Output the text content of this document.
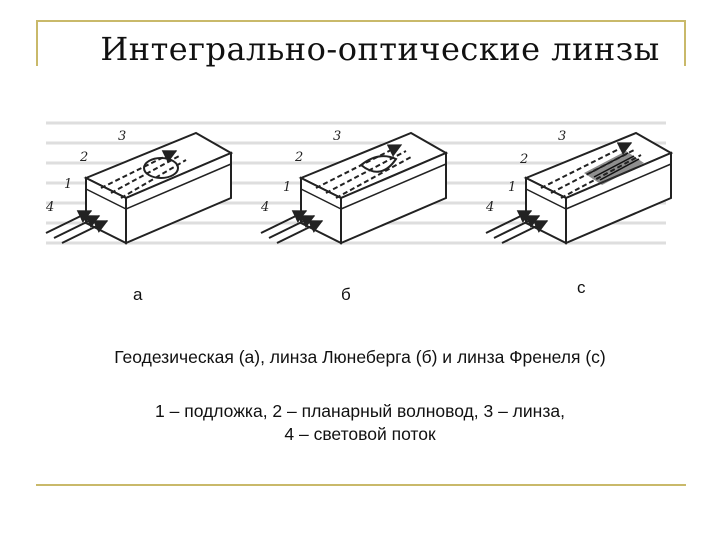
Интегрально-оптические линзы
3
2
1
4
3
2
1
4
3
2
1
4
а	б	с
Геодезическая (а), линза Люнеберга (б) и линза Френеля (с)
1 – подложка, 2 – планарный волновод, 3 – линза,
4 – световой поток
